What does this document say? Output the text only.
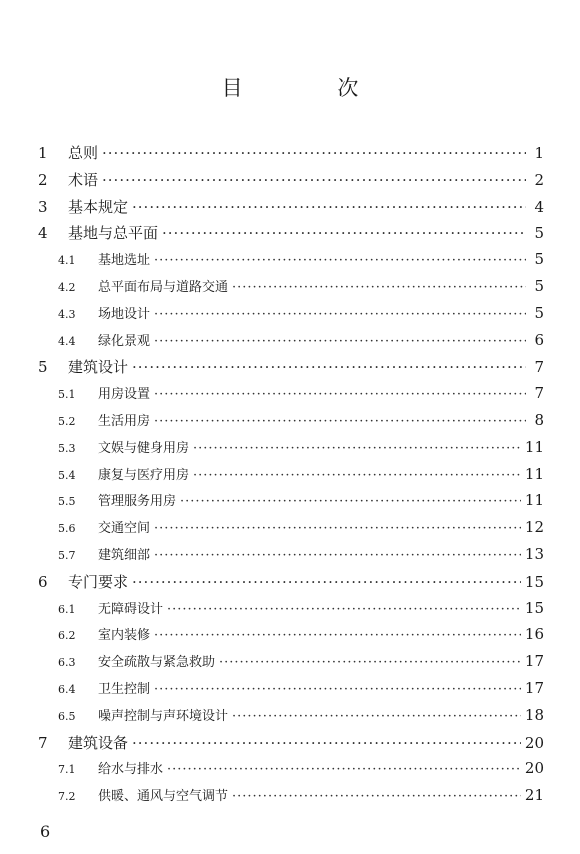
目 次
1	总则 ·····	1
2	术语 ·····	2
3	基本规定 ·····	4
4	基地与总平面 ·····	5
4.1	基地选址 ·····	5
4.2	总平面布局与道路交通 ·····	5
4.3	场地设计 ·····	5
4.4	绿化景观 ·····	6
5	建筑设计 ·····	7
5.1	用房设置 ·····	7
5.2	生活用房 ·····	8
5.3	文娱与健身用房 ·····	11
5.4	康复与医疗用房 ·····	11
5.5	管理服务用房 ·····	11
5.6	交通空间 ·····	12
5.7	建筑细部 ·····	13
6	专门要求 ·····	15
6.1	无障碍设计 ·····	15
6.2	室内装修 ·····	16
6.3	安全疏散与紧急救助 ·····	17
6.4	卫生控制 ·····	17
6.5	噪声控制与声环境设计 ·····	18
7	建筑设备 ·····	20
7.1	给水与排水 ·····	20
7.2	供暖、通风与空气调节 ·····	21
6
